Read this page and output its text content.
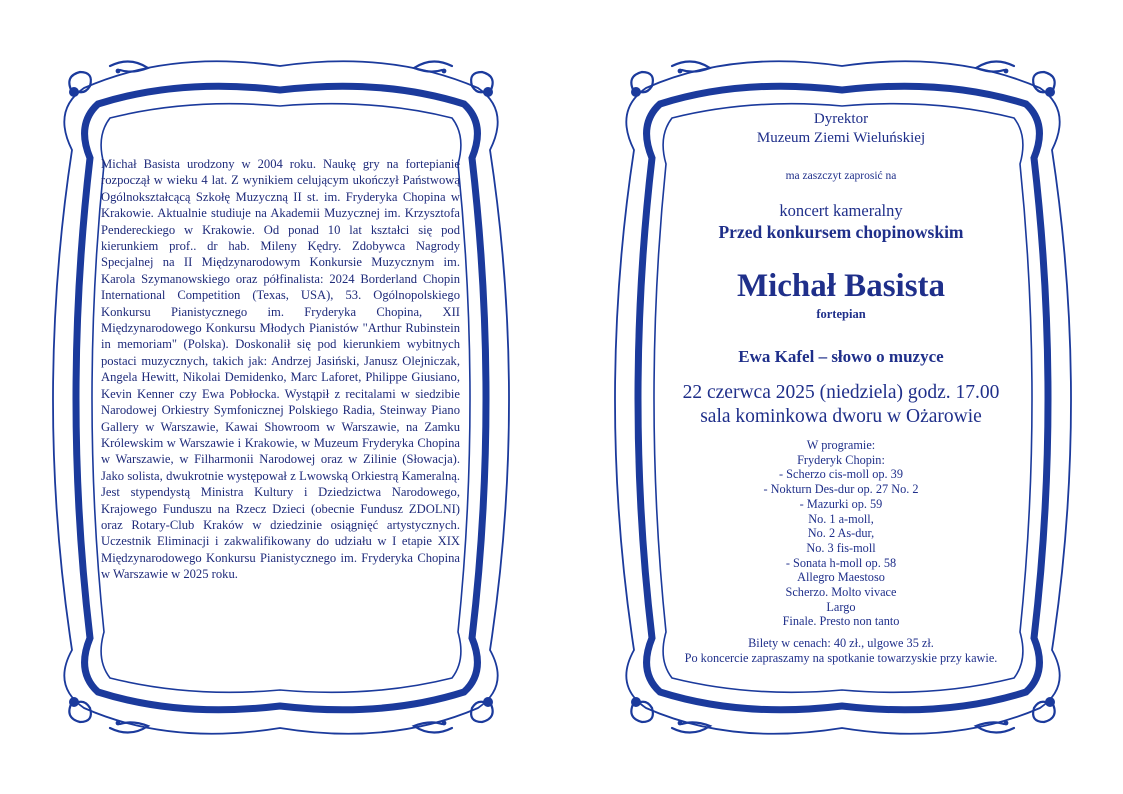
Michał Basista urodzony w 2004 roku. Naukę gry na fortepianie rozpoczął w wieku 4 lat. Z wynikiem celującym ukończył Państwową Ogólnokształcącą Szkołę Muzyczną II st. im. Fryderyka Chopina w Krakowie. Aktualnie studiuje na Akademii Muzycznej im. Krzysztofa Pendereckiego w Krakowie. Od ponad 10 lat kształci się pod kierunkiem prof.. dr hab. Mileny Kędry. Zdobywca Nagrody Specjalnej na II Międzynarodowym Konkursie Muzycznym im. Karola Szymanowskiego oraz półfinalista: 2024 Borderland Chopin International Competition (Texas, USA), 53. Ogólnopolskiego Konkursu Pianistycznego im. Fryderyka Chopina, XII Międzynarodowego Konkursu Młodych Pianistów "Arthur Rubinstein in memoriam" (Polska). Doskonalił się pod kierunkiem wybitnych postaci muzycznych, takich jak: Andrzej Jasiński, Janusz Olejniczak, Angela Hewitt, Nikolai Demidenko, Marc Laforet, Philippe Giusiano, Kevin Kenner czy Ewa Pobłocka. Wystąpił z recitalami w siedzibie Narodowej Orkiestry Symfonicznej Polskiego Radia, Steinway Piano Gallery w Warszawie, Kawai Showroom w Warszawie, na Zamku Królewskim w Warszawie i Krakowie, w Muzeum Fryderyka Chopina w Warszawie, w Filharmonii Narodowej oraz w Zilinie (Słowacja). Jako solista, dwukrotnie występował z Lwowską Orkiestrą Kameralną. Jest stypendystą Ministra Kultury i Dziedzictwa Narodowego, Krajowego Funduszu na Rzecz Dzieci (obecnie Fundusz ZDOLNI) oraz Rotary-Club Kraków w dziedzinie osiągnięć artystycznych. Uczestnik Eliminacji i zakwalifikowany do udziału w I etapie XIX Międzynarodowego Konkursu Pianistycznego im. Fryderyka Chopina w Warszawie w 2025 roku.

Dyrektor
Muzeum Ziemi Wieluńskiej
ma zaszczyt zaprosić na
koncert kameralny
Przed konkursem chopinowskim
Michał Basista
fortepian
Ewa Kafel – słowo o muzyce
22 czerwca 2025 (niedziela) godz. 17.00
sala kominkowa dworu w Ożarowie
W programie:
Fryderyk Chopin:
- Scherzo cis-moll op. 39
- Nokturn Des-dur op. 27 No. 2
- Mazurki op. 59
No. 1 a-moll,
No. 2 As-dur,
No. 3 fis-moll
- Sonata h-moll op. 58
Allegro Maestoso
Scherzo. Molto vivace
Largo
Finale. Presto non tanto
Bilety w cenach: 40 zł., ulgowe 35 zł.
Po koncercie zapraszamy na spotkanie towarzyskie przy kawie.
